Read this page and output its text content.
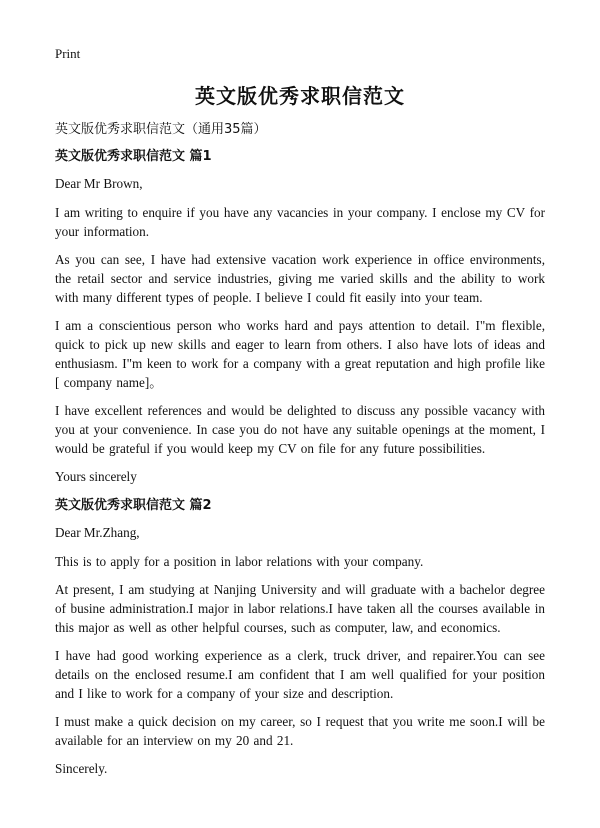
Print
英文版优秀求职信范文
英文版优秀求职信范文（通用35篇）
英文版优秀求职信范文 篇1

Dear Mr Brown,

I am writing to enquire if you have any vacancies in your company. I enclose my CV for your information.

As you can see, I have had extensive vacation work experience in office environments, the retail sector and service industries, giving me varied skills and the ability to work with many different types of people. I believe I could fit easily into your team.

I am a conscientious person who works hard and pays attention to detail. I"m flexible, quick to pick up new skills and eager to learn from others. I also have lots of ideas and enthusiasm. I"m keen to work for a company with a great reputation and high profile like [ company name]。

I have excellent references and would be delighted to discuss any possible vacancy with you at your convenience. In case you do not have any suitable openings at the moment, I would be grateful if you would keep my CV on file for any future possibilities.

Yours sincerely

英文版优秀求职信范文 篇2

Dear Mr.Zhang,

This is to apply for a position in labor relations with your company.

At present, I am studying at Nanjing University and will graduate with a bachelor degree of busine administration.I major in labor relations.I have taken all the courses available in this major as well as other helpful courses, such as computer, law, and economics.

I have had good working experience as a clerk, truck driver, and repairer.You can see details on the enclosed resume.I am confident that I am well qualified for your position and I like to work for a company of your size and description.

I must make a quick decision on my career, so I request that you write me soon.I will be available for an interview on my 20 and 21.

Sincerely.
